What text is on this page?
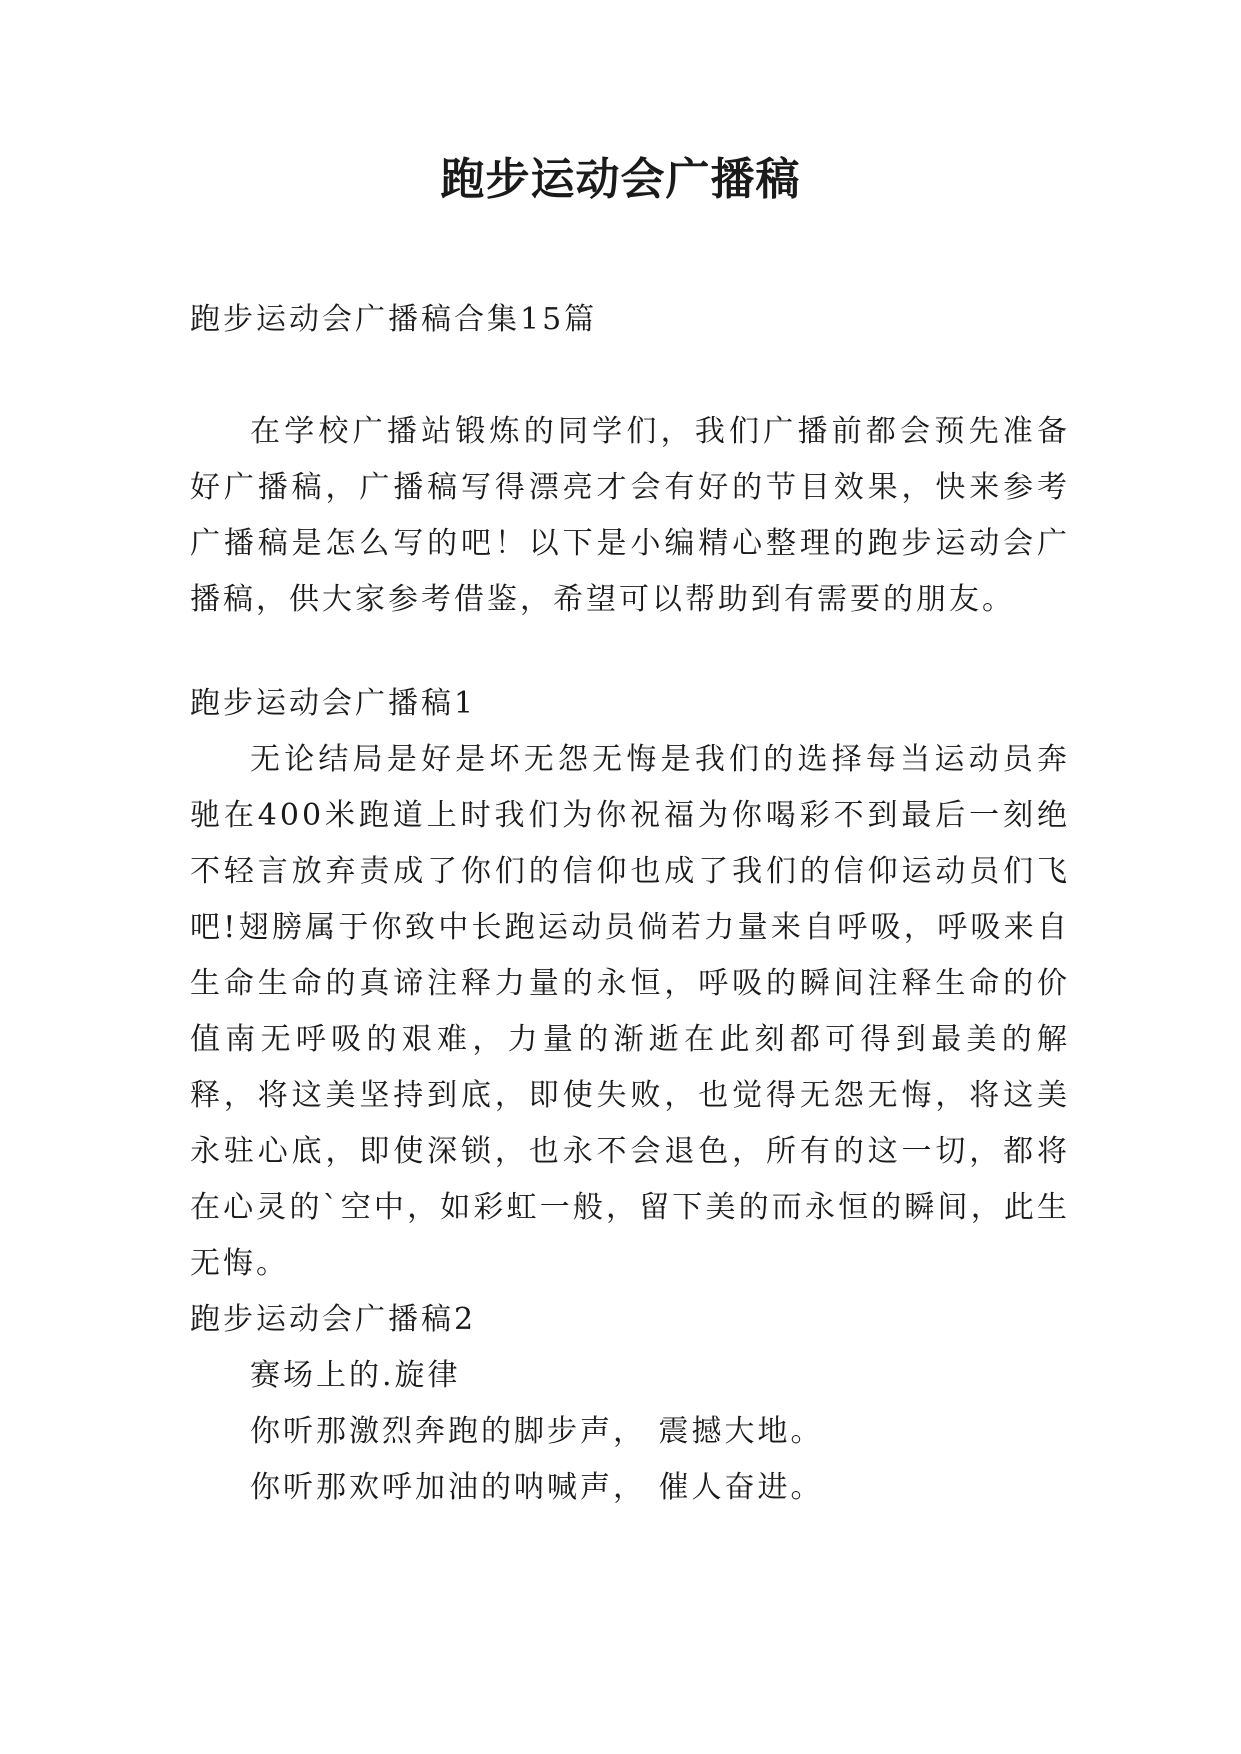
跑步运动会广播稿

跑步运动会广播稿合集15篇

在学校广播站锻炼的同学们，我们广播前都会预先准备好广播稿，广播稿写得漂亮才会有好的节目效果，快来参考广播稿是怎么写的吧！以下是小编精心整理的跑步运动会广播稿，供大家参考借鉴，希望可以帮助到有需要的朋友。

跑步运动会广播稿1

无论结局是好是坏无怨无悔是我们的选择每当运动员奔驰在400米跑道上时我们为你祝福为你喝彩不到最后一刻绝不轻言放弃责成了你们的信仰也成了我们的信仰运动员们飞吧!翅膀属于你致中长跑运动员倘若力量来自呼吸，呼吸来自生命生命的真谛注释力量的永恒，呼吸的瞬间注释生命的价值南无呼吸的艰难，力量的渐逝在此刻都可得到最美的解释，将这美坚持到底，即使失败，也觉得无怨无悔，将这美永驻心底，即使深锁，也永不会退色，所有的这一切，都将在心灵的`空中，如彩虹一般，留下美的而永恒的瞬间，此生无悔。

跑步运动会广播稿2

赛场上的.旋律

你听那激烈奔跑的脚步声， 震撼大地。

你听那欢呼加油的呐喊声， 催人奋进。
